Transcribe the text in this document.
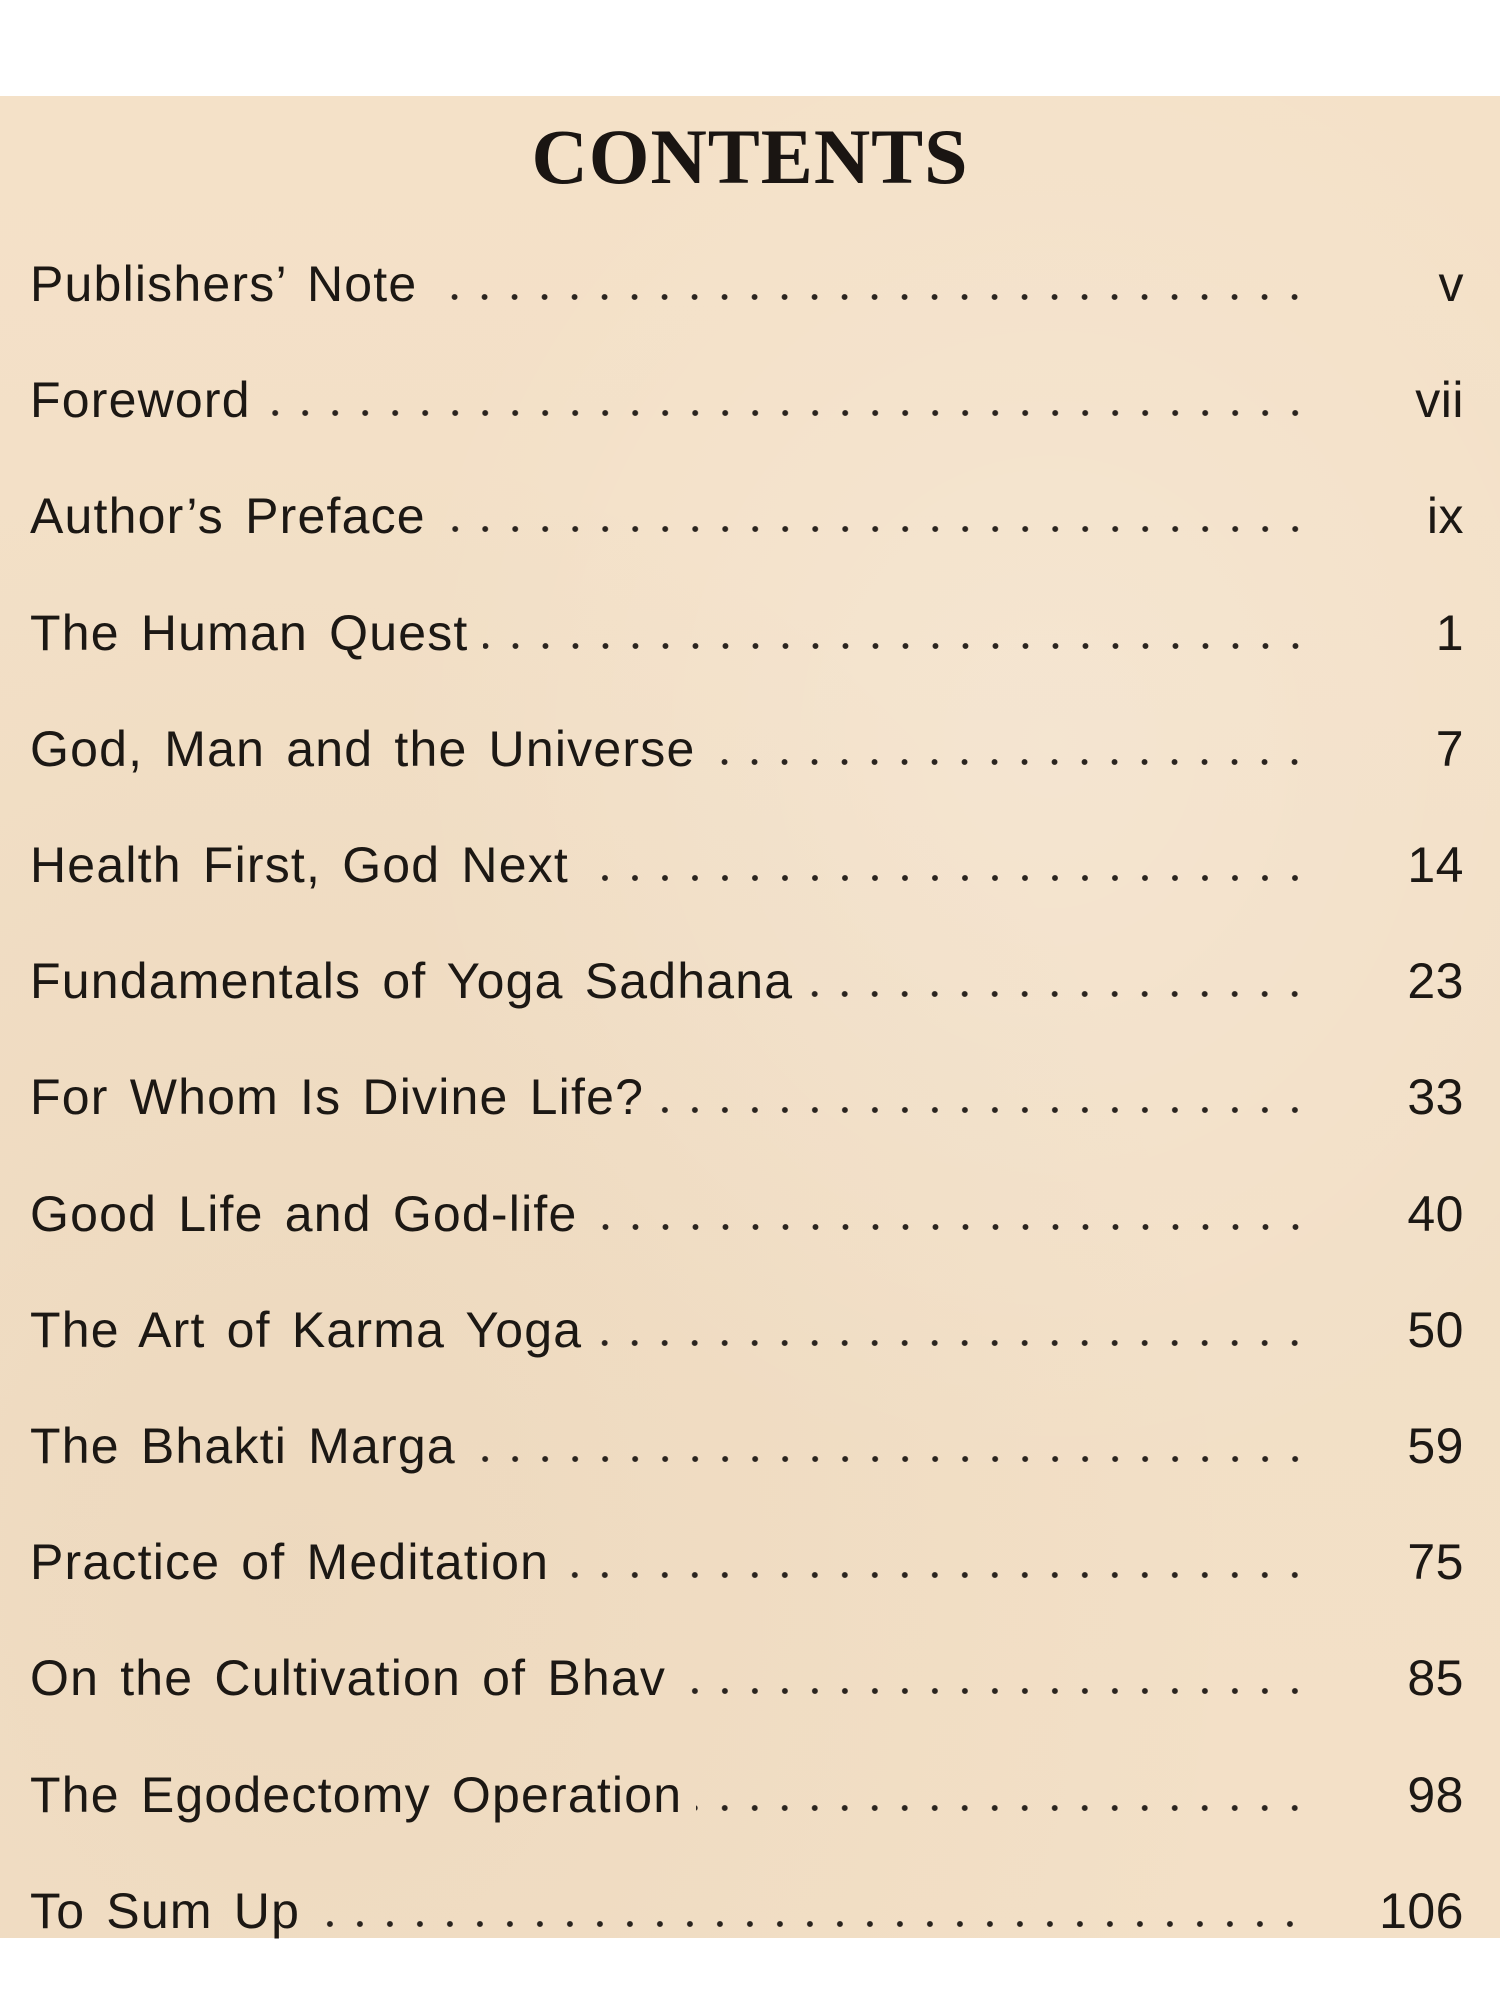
CONTENTS
Publishers’ Note	v
Foreword	vii
Author’s Preface	ix
The Human Quest	1
God, Man and the Universe	7
Health First, God Next	14
Fundamentals of Yoga Sadhana	23
For Whom Is Divine Life?	33
Good Life and God-life	40
The Art of Karma Yoga	50
The Bhakti Marga	59
Practice of Meditation	75
On the Cultivation of Bhav	85
The Egodectomy Operation	98
To Sum Up	106
